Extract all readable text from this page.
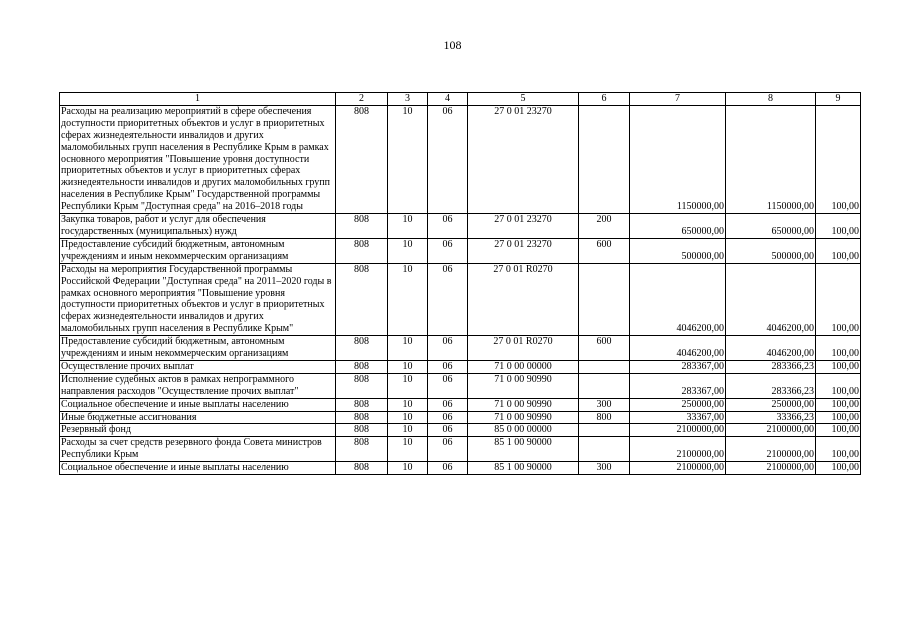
108
1	2	3	4	5	6	7	8	9
Расходы на реализацию мероприятий в сфере обеспечения доступности приоритетных объектов и услуг в приоритетных сферах жизнедеятельности инвалидов и других маломобильных групп населения в Республике Крым в рамках основного мероприятия "Повышение уровня доступности приоритетных объектов и услуг в приоритетных сферах жизнедеятельности инвалидов и других маломобильных групп населения в Республике Крым" Государственной программы Республики Крым "Доступная среда" на 2016–2018 годы	808	10	06	27 0 01 23270		1150000,00	1150000,00	100,00
Закупка товаров, работ и услуг для обеспечения государственных (муниципальных) нужд	808	10	06	27 0 01 23270	200	650000,00	650000,00	100,00
Предоставление субсидий бюджетным, автономным учреждениям и иным некоммерческим организациям	808	10	06	27 0 01 23270	600	500000,00	500000,00	100,00
Расходы на мероприятия Государственной программы Российской Федерации "Доступная среда" на 2011–2020 годы в рамках основного мероприятия "Повышение уровня доступности приоритетных объектов и услуг в приоритетных сферах жизнедеятельности инвалидов и других маломобильных групп населения в Республике Крым"	808	10	06	27 0 01 R0270		4046200,00	4046200,00	100,00
Предоставление субсидий бюджетным, автономным учреждениям и иным некоммерческим организациям	808	10	06	27 0 01 R0270	600	4046200,00	4046200,00	100,00
Осуществление прочих выплат	808	10	06	71 0 00 00000		283367,00	283366,23	100,00
Исполнение судебных актов в рамках непрограммного направления расходов "Осуществление прочих выплат"	808	10	06	71 0 00 90990		283367,00	283366,23	100,00
Социальное обеспечение и иные выплаты населению	808	10	06	71 0 00 90990	300	250000,00	250000,00	100,00
Иные бюджетные ассигнования	808	10	06	71 0 00 90990	800	33367,00	33366,23	100,00
Резервный фонд	808	10	06	85 0 00 00000		2100000,00	2100000,00	100,00
Расходы за счет средств резервного фонда Совета министров Республики Крым	808	10	06	85 1 00 90000		2100000,00	2100000,00	100,00
Социальное обеспечение и иные выплаты населению	808	10	06	85 1 00 90000	300	2100000,00	2100000,00	100,00
